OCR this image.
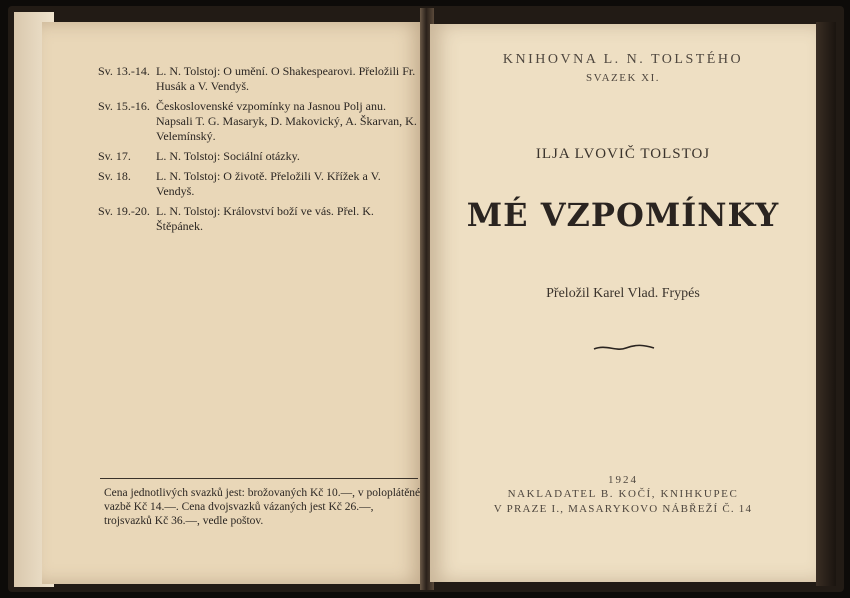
Sv. 13.-14. L. N. Tolstoj: O umění. O Shakespearovi. Přeložili Fr. Husák a V. Vendyš.
Sv. 15.-16. Československé vzpomínky na Jasnou Polj anu. Napsali T. G. Masaryk, D. Makovický, A. Škarvan, K. Velemínský.
Sv. 17.	L. N. Tolstoj: Sociální otázky.
Sv. 18.	L. N. Tolstoj: O životě. Přeložili V. Křížek a V. Vendyš.
Sv. 19.-20. L. N. Tolstoj: Království boží ve vás. Přel. K. Štěpánek.
Cena jednotlivých svazků jest: brožovaných Kč 10.—, v poloplátěné vazbě Kč 14.—. Cena dvojsvazků vázaných jest Kč 26.—, trojsvazků Kč 36.—, vedle poštov.
KNIHOVNA L. N. TOLSTÉHO
SVAZEK XI.
ILJA LVOVIČ TOLSTOJ
MÉ VZPOMÍNKY
Přeložil Karel Vlad. Frypés
1924
NAKLADATEL B. KOČÍ, KNIHKUPEC
V PRAZE I., MASARYKOVO NÁBŘEŽÍ Č. 14
